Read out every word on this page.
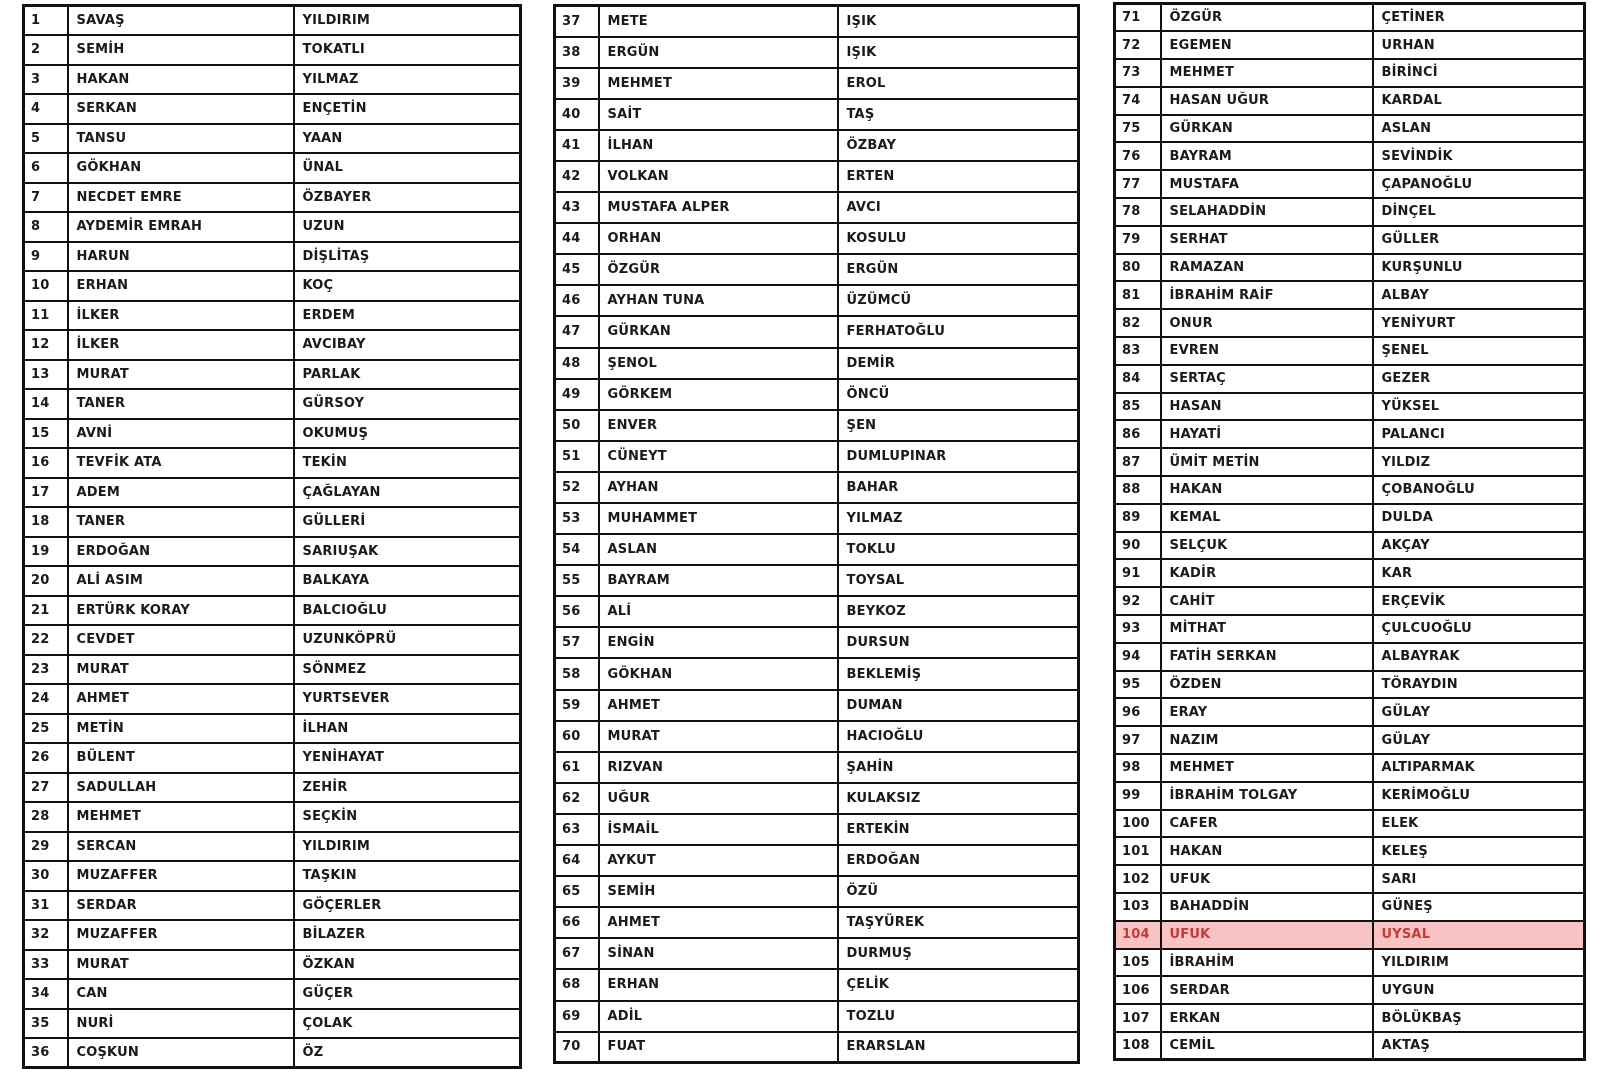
1	SAVAŞ	YILDIRIM
2	SEMİH	TOKATLI
3	HAKAN	YILMAZ
4	SERKAN	ENÇETİN
5	TANSU	YAAN
6	GÖKHAN	ÜNAL
7	NECDET EMRE	ÖZBAYER
8	AYDEMİR EMRAH	UZUN
9	HARUN	DİŞLİTAŞ
10	ERHAN	KOÇ
11	İLKER	ERDEM
12	İLKER	AVCIBAY
13	MURAT	PARLAK
14	TANER	GÜRSOY
15	AVNİ	OKUMUŞ
16	TEVFİK ATA	TEKİN
17	ADEM	ÇAĞLAYAN
18	TANER	GÜLLERİ
19	ERDOĞAN	SARIUŞAK
20	ALİ ASIM	BALKAYA
21	ERTÜRK KORAY	BALCIOĞLU
22	CEVDET	UZUNKÖPRÜ
23	MURAT	SÖNMEZ
24	AHMET	YURTSEVER
25	METİN	İLHAN
26	BÜLENT	YENİHAYAT
27	SADULLAH	ZEHİR
28	MEHMET	SEÇKİN
29	SERCAN	YILDIRIM
30	MUZAFFER	TAŞKIN
31	SERDAR	GÖÇERLER
32	MUZAFFER	BİLAZER
33	MURAT	ÖZKAN
34	CAN	GÜÇER
35	NURİ	ÇOLAK
36	COŞKUN	ÖZ
37	METE	IŞIK
38	ERGÜN	IŞIK
39	MEHMET	EROL
40	SAİT	TAŞ
41	İLHAN	ÖZBAY
42	VOLKAN	ERTEN
43	MUSTAFA ALPER	AVCI
44	ORHAN	KOSULU
45	ÖZGÜR	ERGÜN
46	AYHAN TUNA	ÜZÜMCÜ
47	GÜRKAN	FERHATOĞLU
48	ŞENOL	DEMİR
49	GÖRKEM	ÖNCÜ
50	ENVER	ŞEN
51	CÜNEYT	DUMLUPINAR
52	AYHAN	BAHAR
53	MUHAMMET	YILMAZ
54	ASLAN	TOKLU
55	BAYRAM	TOYSAL
56	ALİ	BEYKOZ
57	ENGİN	DURSUN
58	GÖKHAN	BEKLEMİŞ
59	AHMET	DUMAN
60	MURAT	HACIOĞLU
61	RIZVAN	ŞAHİN
62	UĞUR	KULAKSIZ
63	İSMAİL	ERTEKİN
64	AYKUT	ERDOĞAN
65	SEMİH	ÖZÜ
66	AHMET	TAŞYÜREK
67	SİNAN	DURMUŞ
68	ERHAN	ÇELİK
69	ADİL	TOZLU
70	FUAT	ERARSLAN
71	ÖZGÜR	ÇETİNER
72	EGEMEN	URHAN
73	MEHMET	BİRİNCİ
74	HASAN UĞUR	KARDAL
75	GÜRKAN	ASLAN
76	BAYRAM	SEVİNDİK
77	MUSTAFA	ÇAPANOĞLU
78	SELAHADDİN	DİNÇEL
79	SERHAT	GÜLLER
80	RAMAZAN	KURŞUNLU
81	İBRAHİM RAİF	ALBAY
82	ONUR	YENİYURT
83	EVREN	ŞENEL
84	SERTAÇ	GEZER
85	HASAN	YÜKSEL
86	HAYATİ	PALANCI
87	ÜMİT METİN	YILDIZ
88	HAKAN	ÇOBANOĞLU
89	KEMAL	DULDA
90	SELÇUK	AKÇAY
91	KADİR	KAR
92	CAHİT	ERÇEVİK
93	MİTHAT	ÇULCUOĞLU
94	FATİH SERKAN	ALBAYRAK
95	ÖZDEN	TÖRAYDIN
96	ERAY	GÜLAY
97	NAZIM	GÜLAY
98	MEHMET	ALTIPARMAK
99	İBRAHİM TOLGAY	KERİMOĞLU
100	CAFER	ELEK
101	HAKAN	KELEŞ
102	UFUK	SARI
103	BAHADDİN	GÜNEŞ
104	UFUK	UYSAL
105	İBRAHİM	YILDIRIM
106	SERDAR	UYGUN
107	ERKAN	BÖLÜKBAŞ
108	CEMİL	AKTAŞ
